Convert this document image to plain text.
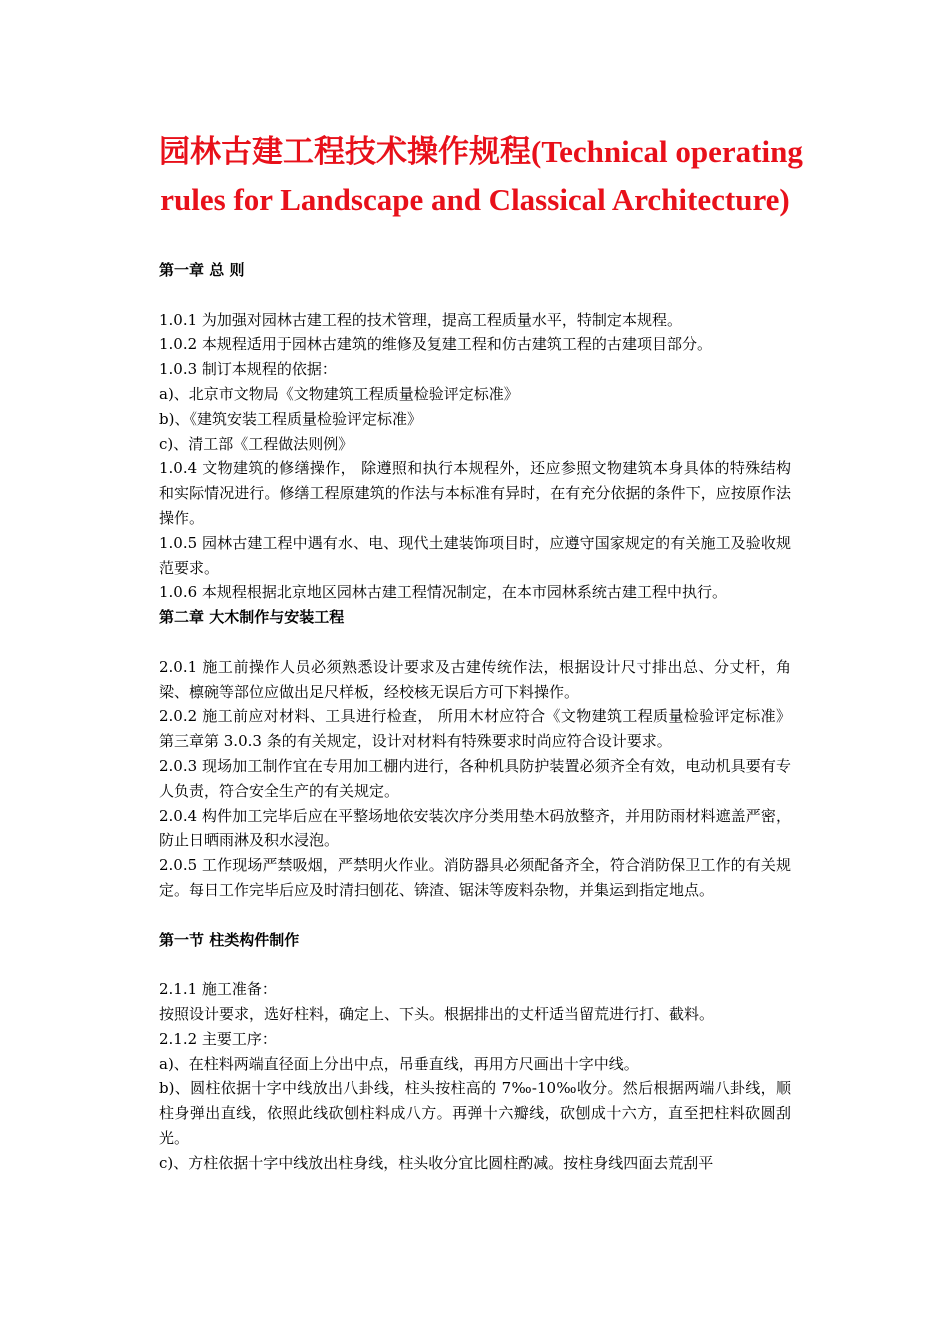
园林古建工程技术操作规程(Technical operating
rules for Landscape and Classical Architecture)

第一章 总 则

1.0.1 为加强对园林古建工程的技术管理，提高工程质量水平，特制定本规程。

1.0.2 本规程适用于园林古建筑的维修及复建工程和仿古建筑工程的古建项目部分。

1.0.3 制订本规程的依据：

a)、北京市文物局《文物建筑工程质量检验评定标准》

b)、《建筑安装工程质量检验评定标准》

c)、清工部《工程做法则例》

1.0.4 文物建筑的修缮操作， 除遵照和执行本规程外，还应参照文物建筑本身具体的特殊结构和实际情况进行。修缮工程原建筑的作法与本标准有异时，在有充分依据的条件下，应按原作法操作。

1.0.5 园林古建工程中遇有水、电、现代土建装饰项目时，应遵守国家规定的有关施工及验收规范要求。

1.0.6 本规程根据北京地区园林古建工程情况制定，在本市园林系统古建工程中执行。

第二章 大木制作与安装工程

2.0.1 施工前操作人员必须熟悉设计要求及古建传统作法，根据设计尺寸排出总、分丈杆，角梁、檩碗等部位应做出足尺样板，经校核无误后方可下料操作。

2.0.2 施工前应对材料、工具进行检查， 所用木材应符合《文物建筑工程质量检验评定标准》第三章第 3.0.3 条的有关规定，设计对材料有特殊要求时尚应符合设计要求。

2.0.3 现场加工制作宜在专用加工棚内进行，各种机具防护装置必须齐全有效，电动机具要有专人负责，符合安全生产的有关规定。

2.0.4 构件加工完毕后应在平整场地依安装次序分类用垫木码放整齐，并用防雨材料遮盖严密，防止日晒雨淋及积水浸泡。

2.0.5 工作现场严禁吸烟，严禁明火作业。消防器具必须配备齐全，符合消防保卫工作的有关规定。每日工作完毕后应及时清扫刨花、锛渣、锯沫等废料杂物，并集运到指定地点。

第一节 柱类构件制作

2.1.1 施工准备：

按照设计要求，选好柱料，确定上、下头。根据排出的丈杆适当留荒进行打、截料。

2.1.2 主要工序：

a)、在柱料两端直径面上分出中点，吊垂直线，再用方尺画出十字中线。

b)、圆柱依据十字中线放出八卦线，柱头按柱高的 7‰-10‰收分。然后根据两端八卦线，顺柱身弹出直线，依照此线砍刨柱料成八方。再弹十六瓣线，砍刨成十六方，直至把柱料砍圆刮光。

c)、方柱依据十字中线放出柱身线，柱头收分宜比圆柱酌减。按柱身线四面去荒刮平
